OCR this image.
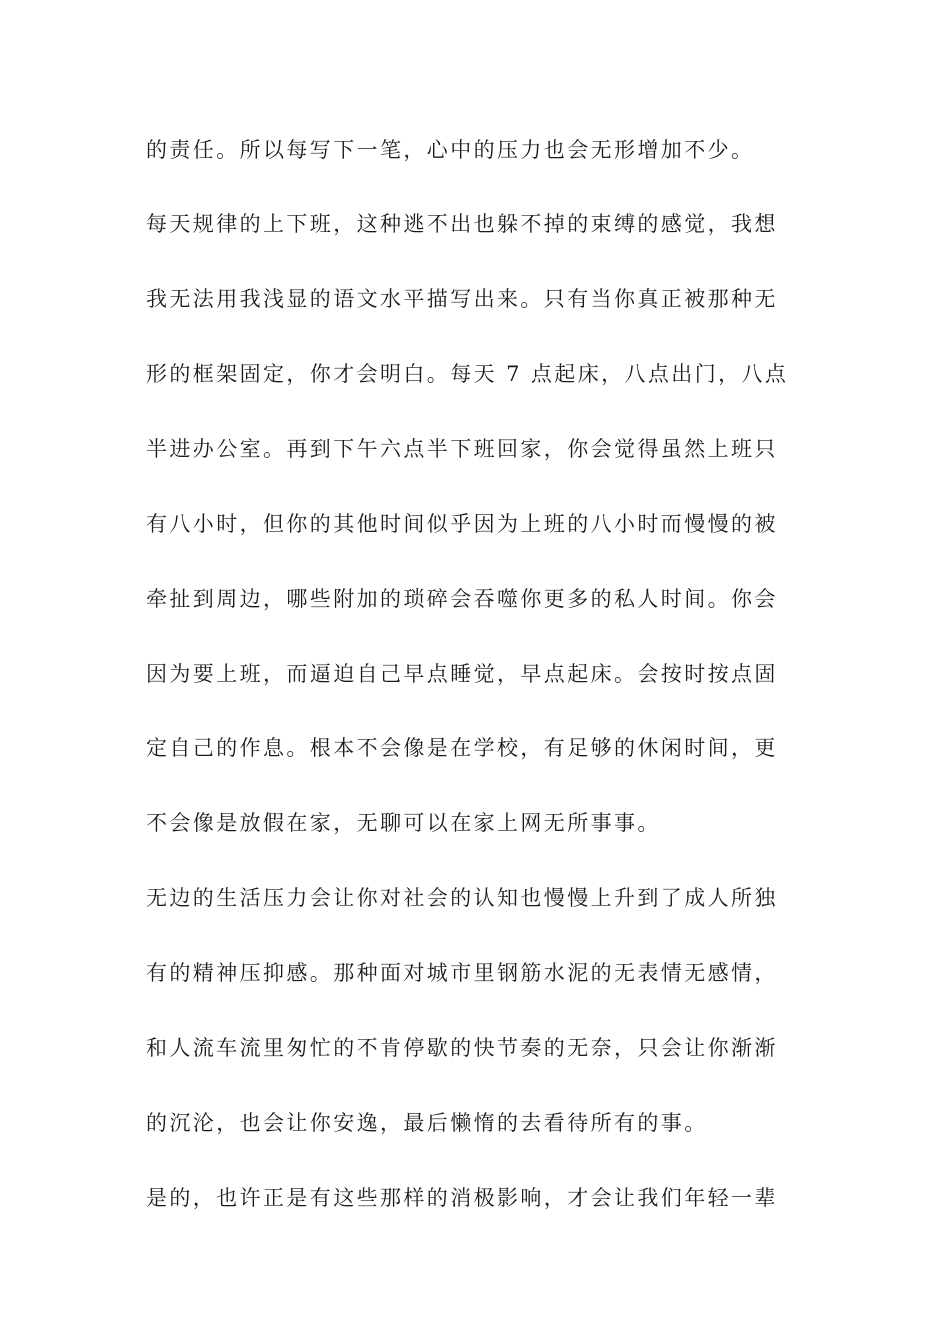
的责任。所以每写下一笔，心中的压力也会无形增加不少。
每天规律的上下班，这种逃不出也躲不掉的束缚的感觉，我想
我无法用我浅显的语文水平描写出来。只有当你真正被那种无
形的框架固定，你才会明白。每天 7 点起床，八点出门，八点
半进办公室。再到下午六点半下班回家，你会觉得虽然上班只
有八小时，但你的其他时间似乎因为上班的八小时而慢慢的被
牵扯到周边，哪些附加的琐碎会吞噬你更多的私人时间。你会
因为要上班，而逼迫自己早点睡觉，早点起床。会按时按点固
定自己的作息。根本不会像是在学校，有足够的休闲时间，更
不会像是放假在家，无聊可以在家上网无所事事。
无边的生活压力会让你对社会的认知也慢慢上升到了成人所独
有的精神压抑感。那种面对城市里钢筋水泥的无表情无感情，
和人流车流里匆忙的不肯停歇的快节奏的无奈，只会让你渐渐
的沉沦，也会让你安逸，最后懒惰的去看待所有的事。
是的，也许正是有这些那样的消极影响，才会让我们年轻一辈
